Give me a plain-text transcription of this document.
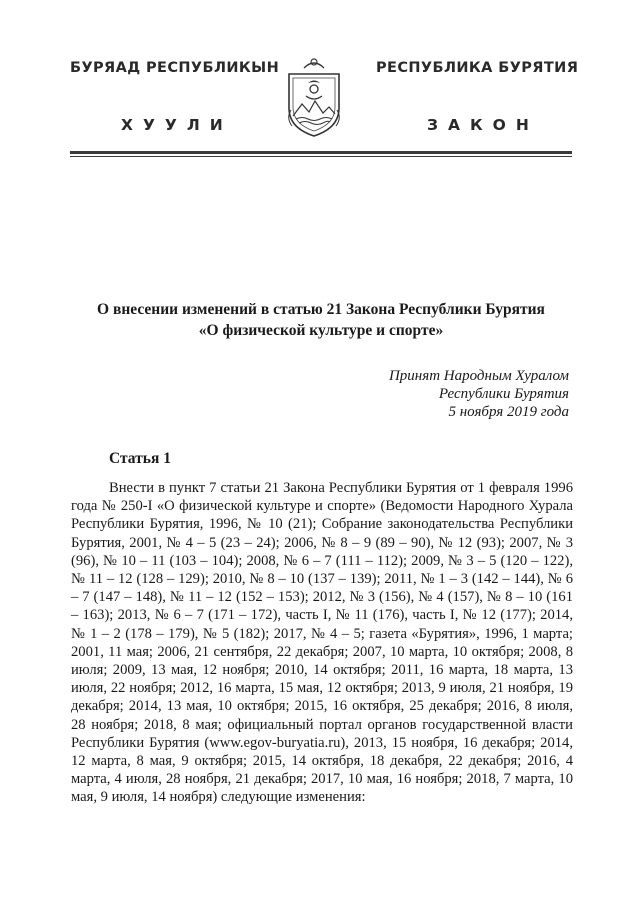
БУРЯАД РЕСПУБЛИКЫН	РЕСПУБЛИКА БУРЯТИЯ
ХУУЛИ	ЗАКОН
О внесении изменений в статью 21 Закона Республики Бурятия
«О физической культуре и спорте»
Принят Народным Хуралом
Республики Бурятия
5 ноября 2019 года
Статья 1

Внести в пункт 7 статьи 21 Закона Республики Бурятия от 1 февраля 1996 года № 250-I «О физической культуре и спорте» (Ведомости Народного Хурала Республики Бурятия, 1996, № 10 (21); Собрание законодательства Республики Бурятия, 2001, № 4 – 5 (23 – 24); 2006, № 8 – 9 (89 – 90), № 12 (93); 2007, № 3 (96), № 10 – 11 (103 – 104); 2008, № 6 – 7 (111 – 112); 2009, № 3 – 5 (120 – 122), № 11 – 12 (128 – 129); 2010, № 8 – 10 (137 – 139); 2011, № 1 – 3 (142 – 144), № 6 – 7 (147 – 148), № 11 – 12 (152 – 153); 2012, № 3 (156), № 4 (157), № 8 – 10 (161 – 163); 2013, № 6 – 7 (171 – 172), часть I, № 11 (176), часть I, № 12 (177); 2014, № 1 – 2 (178 – 179), № 5 (182); 2017, № 4 – 5; газета «Бурятия», 1996, 1 марта; 2001, 11 мая; 2006, 21 сентября, 22 декабря; 2007, 10 марта, 10 октября; 2008, 8 июля; 2009, 13 мая, 12 ноября; 2010, 14 октября; 2011, 16 марта, 18 марта, 13 июля, 22 ноября; 2012, 16 марта, 15 мая, 12 октября; 2013, 9 июля, 21 ноября, 19 декабря; 2014, 13 мая, 10 октября; 2015, 16 октября, 25 декабря; 2016, 8 июля, 28 ноября; 2018, 8 мая; официальный портал органов государственной власти Республики Бурятия (www.egov-buryatia.ru), 2013, 15 ноября, 16 декабря; 2014, 12 марта, 8 мая, 9 октября; 2015, 14 октября, 18 декабря, 22 декабря; 2016, 4 марта, 4 июля, 28 ноября, 21 декабря; 2017, 10 мая, 16 ноября; 2018, 7 марта, 10 мая, 9 июля, 14 ноября) следующие изменения:
